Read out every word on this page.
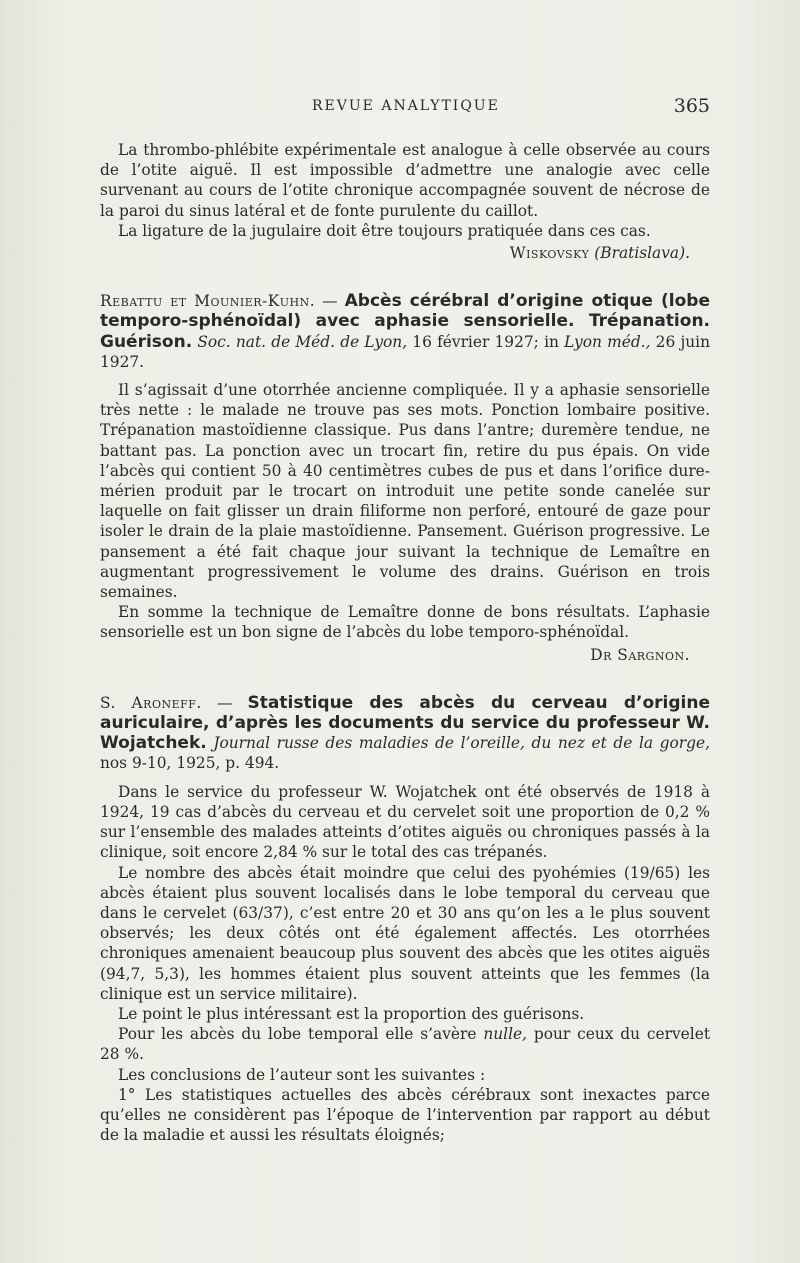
REVUE ANALYTIQUE	365

La thrombo-phlébite expérimentale est analogue à celle observée au cours de l’otite aiguë. Il est impossible d’admettre une analogie avec celle survenant au cours de l’otite chronique accompagnée souvent de nécrose de la paroi du sinus latéral et de fonte purulente du caillot.

La ligature de la jugulaire doit être toujours pratiquée dans ces cas.

Wiskovsky (Bratislava).

Rebattu et Mounier-Kuhn. — Abcès cérébral d’origine otique (lobe temporo-sphénoïdal) avec aphasie sensorielle. Trépanation. Guérison. Soc. nat. de Méd. de Lyon, 16 février 1927; in Lyon méd., 26 juin 1927.

Il s’agissait d’une otorrhée ancienne compliquée. Il y a aphasie sensorielle très nette : le malade ne trouve pas ses mots. Ponction lombaire positive. Trépanation mastoïdienne classique. Pus dans l’antre; duremère tendue, ne battant pas. La ponction avec un trocart fin, retire du pus épais. On vide l’abcès qui contient 50 à 40 centimètres cubes de pus et dans l’orifice dure-mérien produit par le trocart on introduit une petite sonde canelée sur laquelle on fait glisser un drain filiforme non perforé, entouré de gaze pour isoler le drain de la plaie mastoïdienne. Pansement. Guérison progressive. Le pansement a été fait chaque jour suivant la technique de Lemaître en augmentant progressivement le volume des drains. Guérison en trois semaines.

En somme la technique de Lemaître donne de bons résultats. L’aphasie sensorielle est un bon signe de l’abcès du lobe temporo-sphénoïdal.

Dr Sargnon.

S. Aroneff. — Statistique des abcès du cerveau d’origine auriculaire, d’après les documents du service du professeur W. Wojatchek. Journal russe des maladies de l’oreille, du nez et de la gorge, nos 9-10, 1925, p. 494.

Dans le service du professeur W. Wojatchek ont été observés de 1918 à 1924, 19 cas d’abcès du cerveau et du cervelet soit une proportion de 0,2 % sur l’ensemble des malades atteints d’otites aiguës ou chroniques passés à la clinique, soit encore 2,84 % sur le total des cas trépanés.

Le nombre des abcès était moindre que celui des pyohémies (19/65) les abcès étaient plus souvent localisés dans le lobe temporal du cerveau que dans le cervelet (63/37), c’est entre 20 et 30 ans qu’on les a le plus souvent observés; les deux côtés ont été également affectés. Les otorrhées chroniques amenaient beaucoup plus souvent des abcès que les otites aiguës (94,7, 5,3), les hommes étaient plus souvent atteints que les femmes (la clinique est un service militaire).

Le point le plus intéressant est la proportion des guérisons.

Pour les abcès du lobe temporal elle s’avère nulle, pour ceux du cervelet 28 %.

Les conclusions de l’auteur sont les suivantes :

1° Les statistiques actuelles des abcès cérébraux sont inexactes parce qu’elles ne considèrent pas l’époque de l’intervention par rapport au début de la maladie et aussi les résultats éloignés;
